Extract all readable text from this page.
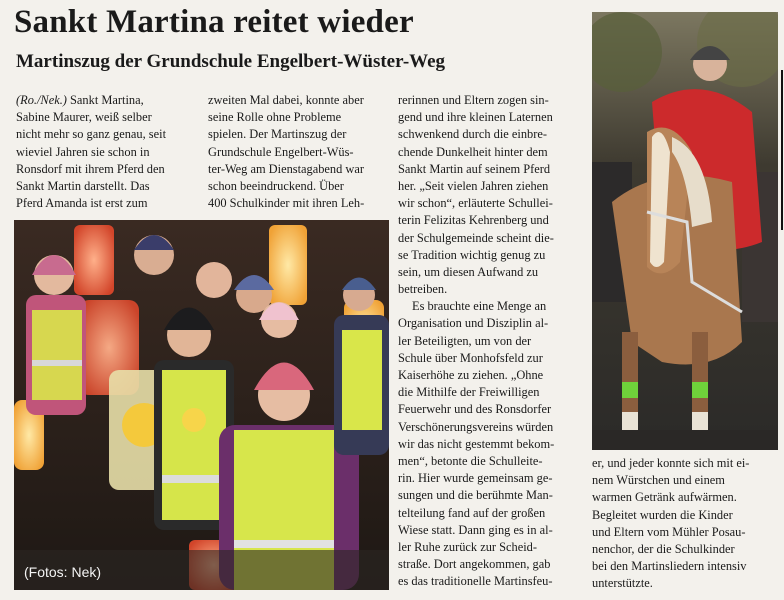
Sankt Martina reitet wieder
Martinszug der Grundschule Engelbert-Wüster-Weg
(Ro./Nek.) Sankt Martina,
Sabine Maurer, weiß selber
nicht mehr so ganz genau, seit
wieviel Jahren sie schon in
Ronsdorf mit ihrem Pferd den
Sankt Martin darstellt. Das
Pferd Amanda ist erst zum
zweiten Mal dabei, konnte aber
seine Rolle ohne Probleme
spielen. Der Martinszug der
Grundschule Engelbert-Wüs-
ter-Weg am Dienstagabend war
schon beeindruckend. Über
400 Schulkinder mit ihren Leh-
rerinnen und Eltern zogen sin-
gend und ihre kleinen Laternen
schwenkend durch die einbre-
chende Dunkelheit hinter dem
Sankt Martin auf seinem Pferd
her. „Seit vielen Jahren ziehen
wir schon“, erläuterte Schullei-
terin Felizitas Kehrenberg und
der Schulgemeinde scheint die-
se Tradition wichtig genug zu
sein, um diesen Aufwand zu
betreiben.
Es brauchte eine Menge an
Organisation und Disziplin al-
ler Beteiligten, um von der
Schule über Monhofsfeld zur
Kaiserhöhe zu ziehen. „Ohne
die Mithilfe der Freiwilligen
Feuerwehr und des Ronsdorfer
Verschönerungsvereins würden
wir das nicht gestemmt bekom-
men“, betonte die Schulleite-
rin. Hier wurde gemeinsam ge-
sungen und die berühmte Man-
telteilung fand auf der großen
Wiese statt. Dann ging es in al-
ler Ruhe zurück zur Scheid-
straße. Dort angekommen, gab
es das traditionelle Martinsfeu-
er, und jeder konnte sich mit ei-
nem Würstchen und einem
warmen Getränk aufwärmen.
Begleitet wurden die Kinder
und Eltern vom Mühler Posau-
nenchor, der die Schulkinder
bei den Martinsliedern intensiv
unterstützte.
(Fotos: Nek)
